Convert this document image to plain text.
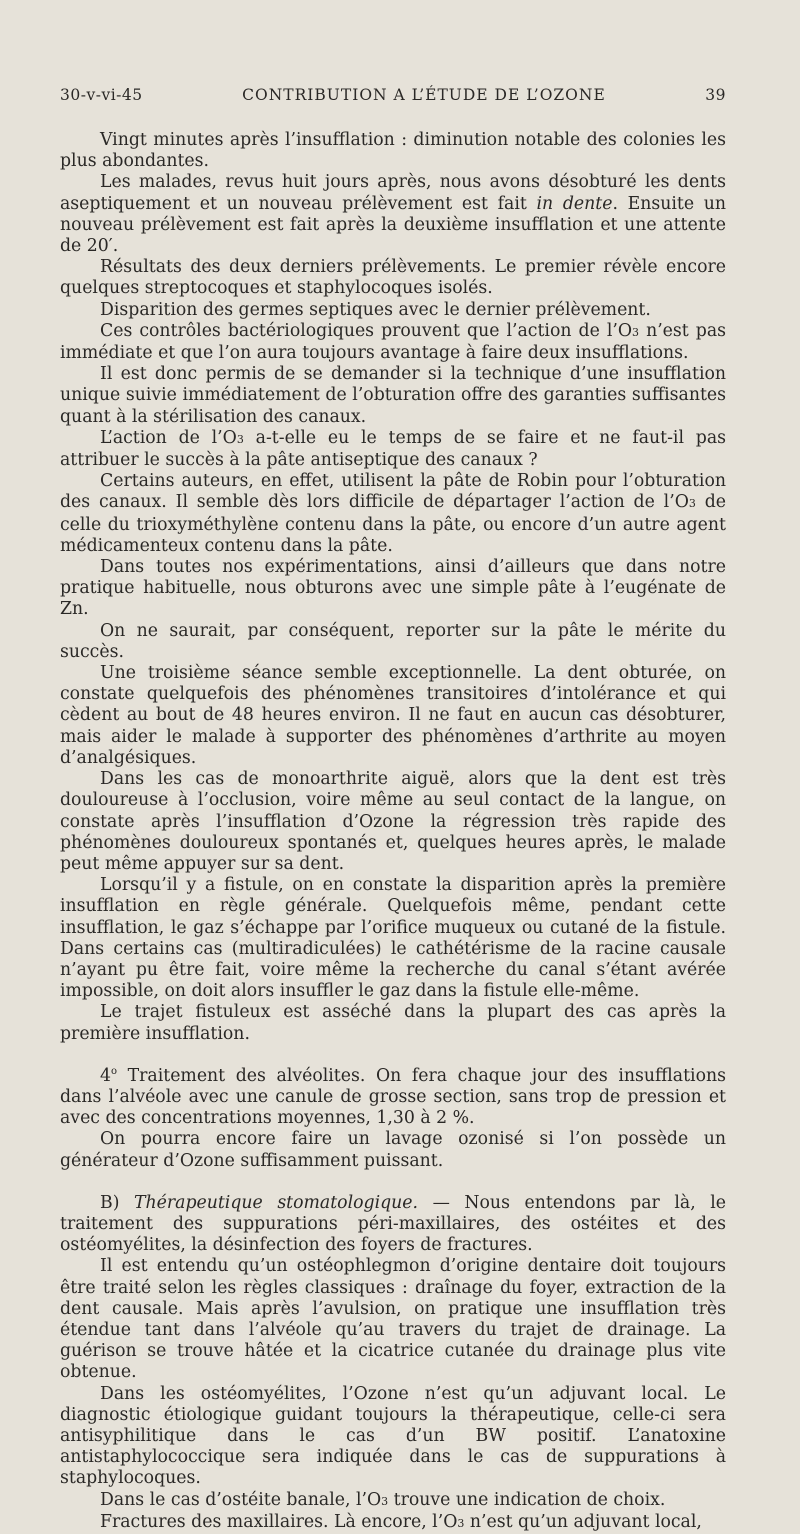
30-v-vi-45	CONTRIBUTION A L’ÉTUDE DE L’OZONE	39

Vingt minutes après l’insufflation : diminution notable des colonies les plus abondantes.

Les malades, revus huit jours après, nous avons désobturé les dents aseptiquement et un nouveau prélèvement est fait in dente. Ensuite un nouveau prélèvement est fait après la deuxième insufflation et une attente de 20′.

Résultats des deux derniers prélèvements. Le premier révèle encore quelques streptocoques et staphylocoques isolés.

Disparition des germes septiques avec le dernier prélèvement.

Ces contrôles bactériologiques prouvent que l’action de l’O3 n’est pas immédiate et que l’on aura toujours avantage à faire deux insufflations.

Il est donc permis de se demander si la technique d’une insufflation unique suivie immédiatement de l’obturation offre des garanties suffisantes quant à la stérilisation des canaux.

L’action de l’O3 a-t-elle eu le temps de se faire et ne faut-il pas attribuer le succès à la pâte antiseptique des canaux ?

Certains auteurs, en effet, utilisent la pâte de Robin pour l’obturation des canaux. Il semble dès lors difficile de départager l’action de l’O3 de celle du trioxyméthylène contenu dans la pâte, ou encore d’un autre agent médicamenteux contenu dans la pâte.

Dans toutes nos expérimentations, ainsi d’ailleurs que dans notre pratique habituelle, nous obturons avec une simple pâte à l’eugénate de Zn.

On ne saurait, par conséquent, reporter sur la pâte le mérite du succès.

Une troisième séance semble exceptionnelle. La dent obturée, on constate quelquefois des phénomènes transitoires d’intolérance et qui cèdent au bout de 48 heures environ. Il ne faut en aucun cas désobturer, mais aider le malade à supporter des phénomènes d’arthrite au moyen d’analgésiques.

Dans les cas de monoarthrite aiguë, alors que la dent est très douloureuse à l’occlusion, voire même au seul contact de la langue, on constate après l’insufflation d’Ozone la régression très rapide des phénomènes douloureux spontanés et, quelques heures après, le malade peut même appuyer sur sa dent.

Lorsqu’il y a fistule, on en constate la disparition après la première insufflation en règle générale. Quelquefois même, pendant cette insufflation, le gaz s’échappe par l’orifice muqueux ou cutané de la fistule. Dans certains cas (multiradiculées) le cathétérisme de la racine causale n’ayant pu être fait, voire même la recherche du canal s’étant avérée impossible, on doit alors insuffler le gaz dans la fistule elle-même.

Le trajet fistuleux est asséché dans la plupart des cas après la première insufflation.

4$^o$ Traitement des alvéolites. On fera chaque jour des insufflations dans l’alvéole avec une canule de grosse section, sans trop de pression et avec des concentrations moyennes, 1,30 à 2 %.

On pourra encore faire un lavage ozonisé si l’on possède un générateur d’Ozone suffisamment puissant.

B) Thérapeutique stomatologique. — Nous entendons par là, le traitement des suppurations péri-maxillaires, des ostéites et des ostéomyélites, la désinfection des foyers de fractures.

Il est entendu qu’un ostéophlegmon d’origine dentaire doit toujours être traité selon les règles classiques : draînage du foyer, extraction de la dent causale. Mais après l’avulsion, on pratique une insufflation très étendue tant dans l’alvéole qu’au travers du trajet de drainage. La guérison se trouve hâtée et la cicatrice cutanée du drainage plus vite obtenue.

Dans les ostéomyélites, l’Ozone n’est qu’un adjuvant local. Le diagnostic étiologique guidant toujours la thérapeutique, celle-ci sera antisyphilitique dans le cas d’un BW positif. L’anatoxine antistaphylococcique sera indiquée dans le cas de suppurations à staphylocoques.

Dans le cas d’ostéite banale, l’O3 trouve une indication de choix.

Fractures des maxillaires. Là encore, l’O3 n’est qu’un adjuvant local,
